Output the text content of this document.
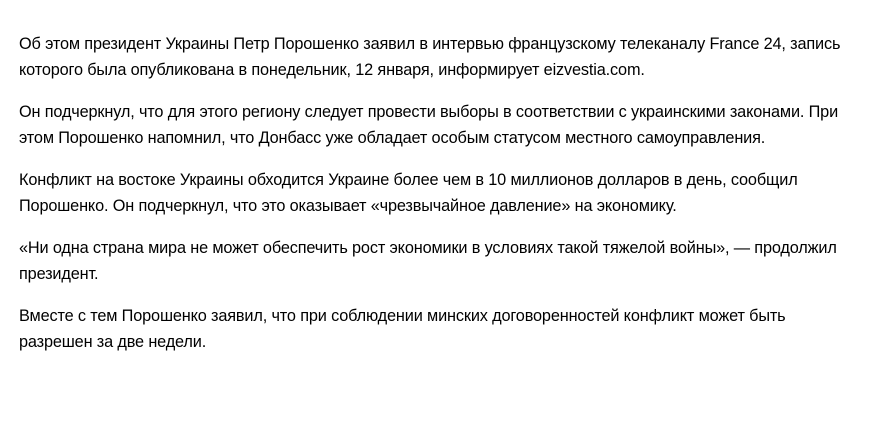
Об этом президент Украины Петр Порошенко заявил в интервью французскому телеканалу France 24, запись которого была опубликована в понедельник, 12 января, информирует eizvestia.com.

Он подчеркнул, что для этого регионy следует провести выборы в соответствии с украинскими законами. При этом Порошенко напомнил, что Донбасс уже обладает особым статусом местного самоуправления.

Конфликт на востоке Украины обходится Украине более чем в 10 миллионов долларов в день, сообщил Порошенко. Он подчеркнул, что это оказывает «чрезвычайное давление» на экономику.

«Ни одна страна мира не может обеспечить рост экономики в условиях такой тяжелой войны», — продолжил президент.

Вместе с тем Порошенко заявил, что при соблюдении минских договоренностей конфликт может быть разрешен за две недели.
